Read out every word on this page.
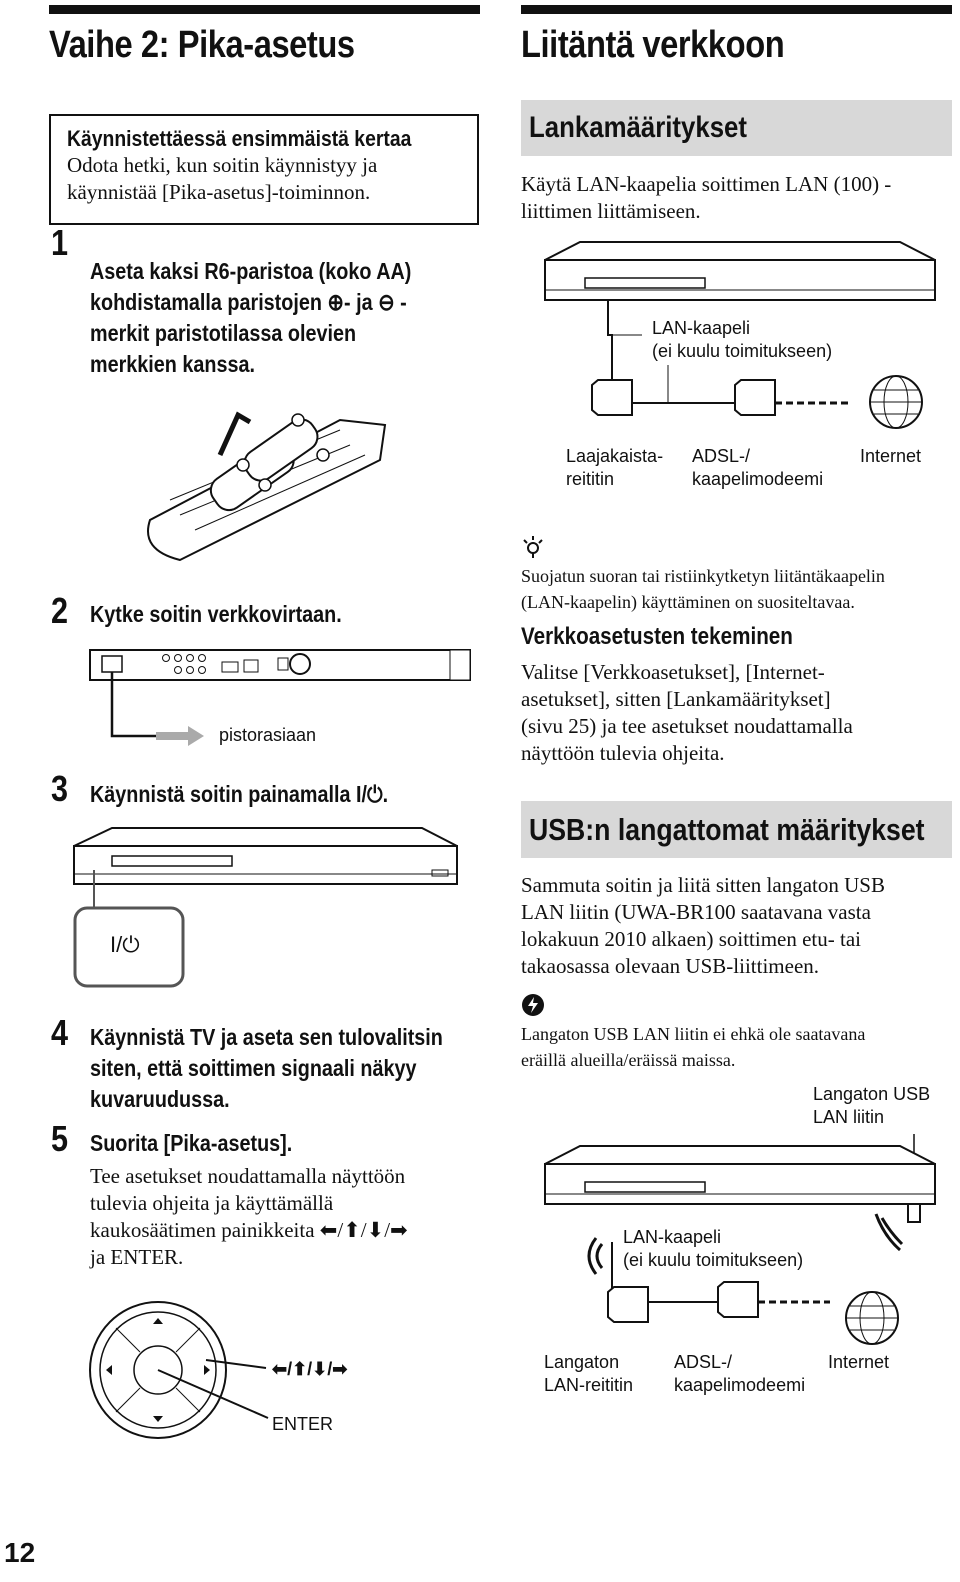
Vaihe 2: Pika-asetus
Käynnistettäessä ensimmäistä kertaa
Odota hetki, kun soitin käynnistyy ja
käynnistää [Pika-asetus]-toiminnon.
1
Aseta kaksi R6-paristoa (koko AA)
kohdistamalla paristojen ⊕- ja ⊖ -
merkit paristotilassa olevien
merkkien kanssa.
2 Kytke soitin verkkovirtaan.
pistorasiaan
3 Käynnistä soitin painamalla I/⏻.
I/⏻
4 Käynnistä TV ja aseta sen tulovalitsin
siten, että soittimen signaali näkyy
kuvaruudussa.
5 Suorita [Pika-asetus].
Tee asetukset noudattamalla näyttöön
tulevia ohjeita ja käyttämällä
kaukosäätimen painikkeita ⬅/⬆/⬇/➡
ja ENTER.
⬅/⬆/⬇/➡
ENTER
12
Liitäntä verkkoon
Lankamääritykset
Käytä LAN-kaapelia soittimen LAN (100) -
liittimen liittämiseen.
LAN-kaapeli
(ei kuulu toimitukseen)
Laajakaista-
reititin
ADSL-/
kaapelimodeemi
Internet
Suojatun suoran tai ristiinkytketyn liitäntäkaapelin
(LAN-kaapelin) käyttäminen on suositeltavaa.
Verkkoasetusten tekeminen
Valitse [Verkkoasetukset], [Internet-
asetukset], sitten [Lankamääritykset]
(sivu 25) ja tee asetukset noudattamalla
näyttöön tulevia ohjeita.
USB:n langattomat määritykset
Sammuta soitin ja liitä sitten langaton USB
LAN liitin (UWA-BR100 saatavana vasta
lokakuun 2010 alkaen) soittimen etu- tai
takaosassa olevaan USB-liittimeen.
Langaton USB LAN liitin ei ehkä ole saatavana
eräillä alueilla/eräissä maissa.
Langaton USB
LAN liitin
LAN-kaapeli
(ei kuulu toimitukseen)
Langaton
LAN-reititin
ADSL-/
kaapelimodeemi
Internet
